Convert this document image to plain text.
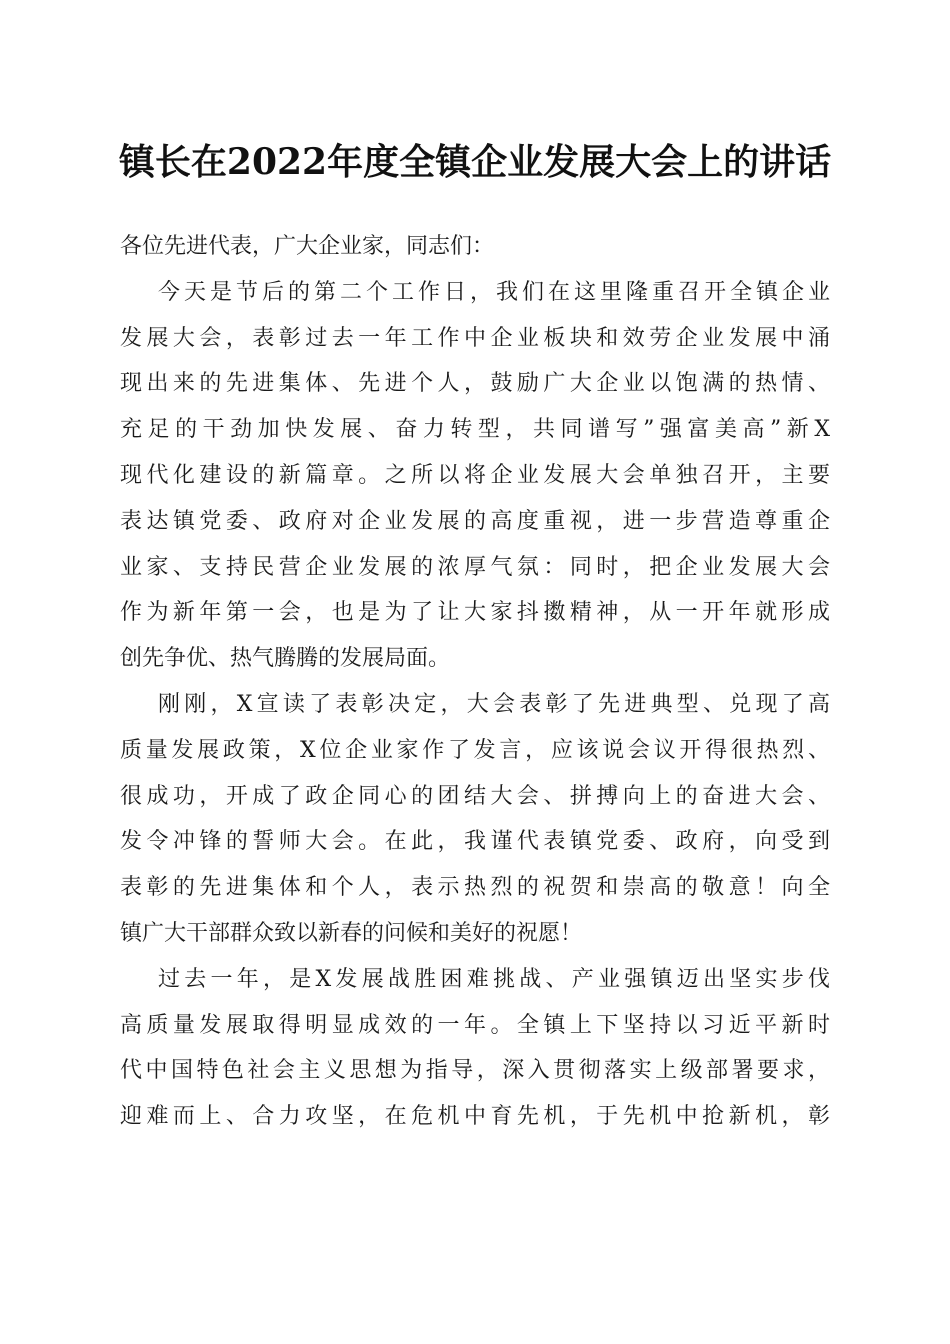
镇长在2022年度全镇企业发展大会上的讲话
各位先进代表，广大企业家，同志们：
今天是节后的第二个工作日，我们在这里隆重召开全镇企业
发展大会，表彰过去一年工作中企业板块和效劳企业发展中涌
现出来的先进集体、先进个人，鼓励广大企业以饱满的热情、
充足的干劲加快发展、奋力转型，共同谱写”强富美高”新X
现代化建设的新篇章。之所以将企业发展大会单独召开，主要
表达镇党委、政府对企业发展的高度重视，进一步营造尊重企
业家、支持民营企业发展的浓厚气氛：同时，把企业发展大会
作为新年第一会，也是为了让大家抖擞精神，从一开年就形成
创先争优、热气腾腾的发展局面。
刚刚，X宣读了表彰决定，大会表彰了先进典型、兑现了高
质量发展政策，X位企业家作了发言，应该说会议开得很热烈、
很成功，开成了政企同心的团结大会、拼搏向上的奋进大会、
发令冲锋的誓师大会。在此，我谨代表镇党委、政府，向受到
表彰的先进集体和个人，表示热烈的祝贺和崇高的敬意！向全
镇广大干部群众致以新春的问候和美好的祝愿！
过去一年，是X发展战胜困难挑战、产业强镇迈出坚实步伐
高质量发展取得明显成效的一年。全镇上下坚持以习近平新时
代中国特色社会主义思想为指导，深入贯彻落实上级部署要求，
迎难而上、合力攻坚，在危机中育先机，于先机中抢新机，彰
